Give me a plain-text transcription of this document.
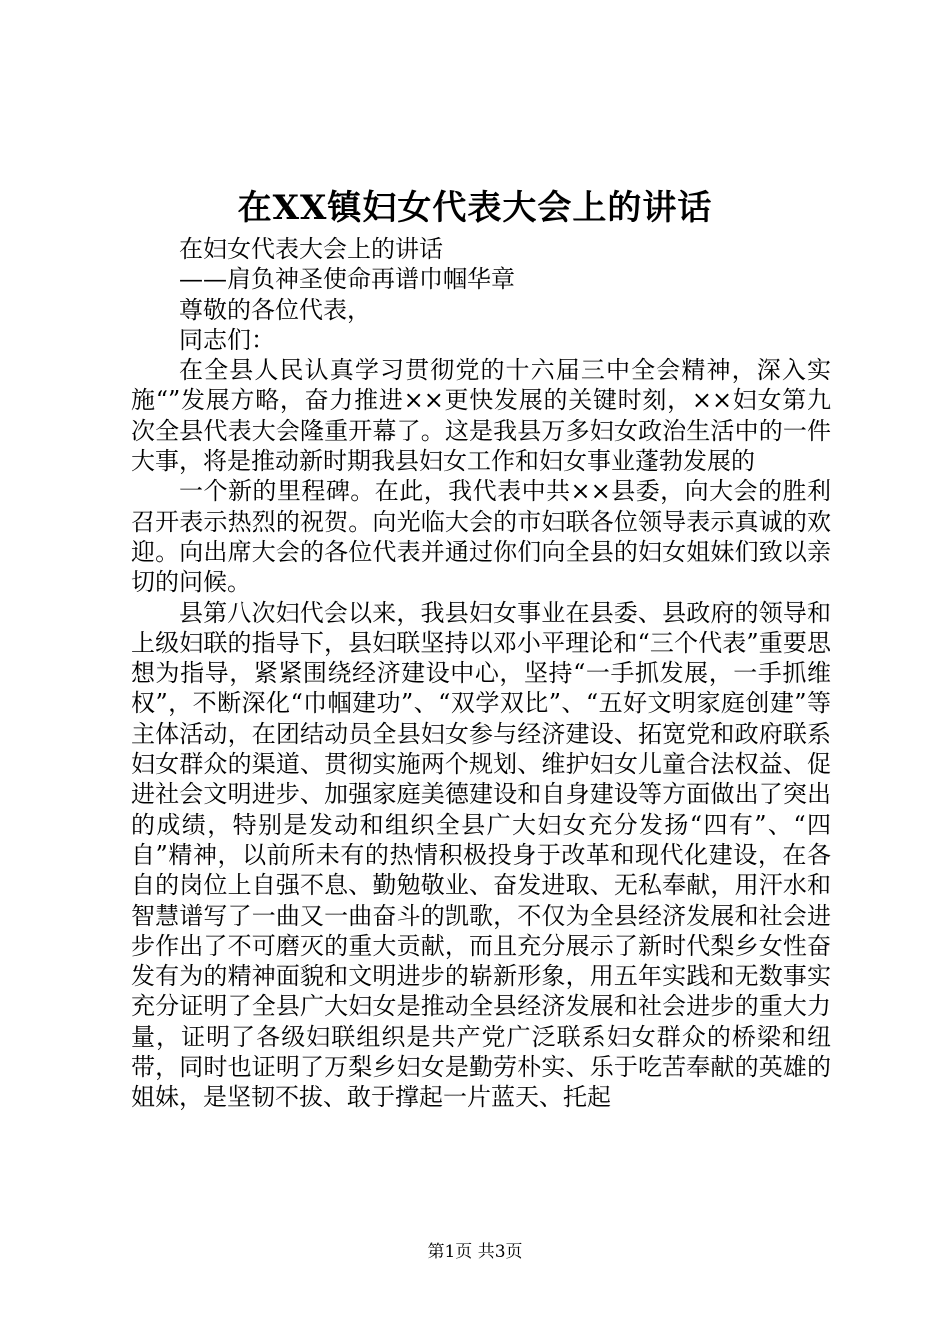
在XX镇妇女代表大会上的讲话

在妇女代表大会上的讲话

——肩负神圣使命再谱巾帼华章

尊敬的各位代表，

同志们：

在全县人民认真学习贯彻党的十六届三中全会精神，深入实施“”发展方略，奋力推进××更快发展的关键时刻，××妇女第九次全县代表大会隆重开幕了。这是我县万多妇女政治生活中的一件大事，将是推动新时期我县妇女工作和妇女事业蓬勃发展的

一个新的里程碑。在此，我代表中共××县委，向大会的胜利召开表示热烈的祝贺。向光临大会的市妇联各位领导表示真诚的欢迎。向出席大会的各位代表并通过你们向全县的妇女姐妹们致以亲切的问候。

县第八次妇代会以来，我县妇女事业在县委、县政府的领导和上级妇联的指导下，县妇联坚持以邓小平理论和“三个代表”重要思想为指导，紧紧围绕经济建设中心，坚持“一手抓发展，一手抓维权”，不断深化“巾帼建功”、“双学双比”、“五好文明家庭创建”等主体活动，在团结动员全县妇女参与经济建设、拓宽党和政府联系妇女群众的渠道、贯彻实施两个规划、维护妇女儿童合法权益、促进社会文明进步、加强家庭美德建设和自身建设等方面做出了突出的成绩，特别是发动和组织全县广大妇女充分发扬“四有”、“四自”精神，以前所未有的热情积极投身于改革和现代化建设，在各自的岗位上自强不息、勤勉敬业、奋发进取、无私奉献，用汗水和智慧谱写了一曲又一曲奋斗的凯歌，不仅为全县经济发展和社会进步作出了不可磨灭的重大贡献，而且充分展示了新时代梨乡女性奋发有为的精神面貌和文明进步的崭新形象，用五年实践和无数事实充分证明了全县广大妇女是推动全县经济发展和社会进步的重大力量，证明了各级妇联组织是共产党广泛联系妇女群众的桥梁和纽带，同时也证明了万梨乡妇女是勤劳朴实、乐于吃苦奉献的英雄的姐妹，是坚韧不拔、敢于撑起一片蓝天、托起

第1页 共3页
